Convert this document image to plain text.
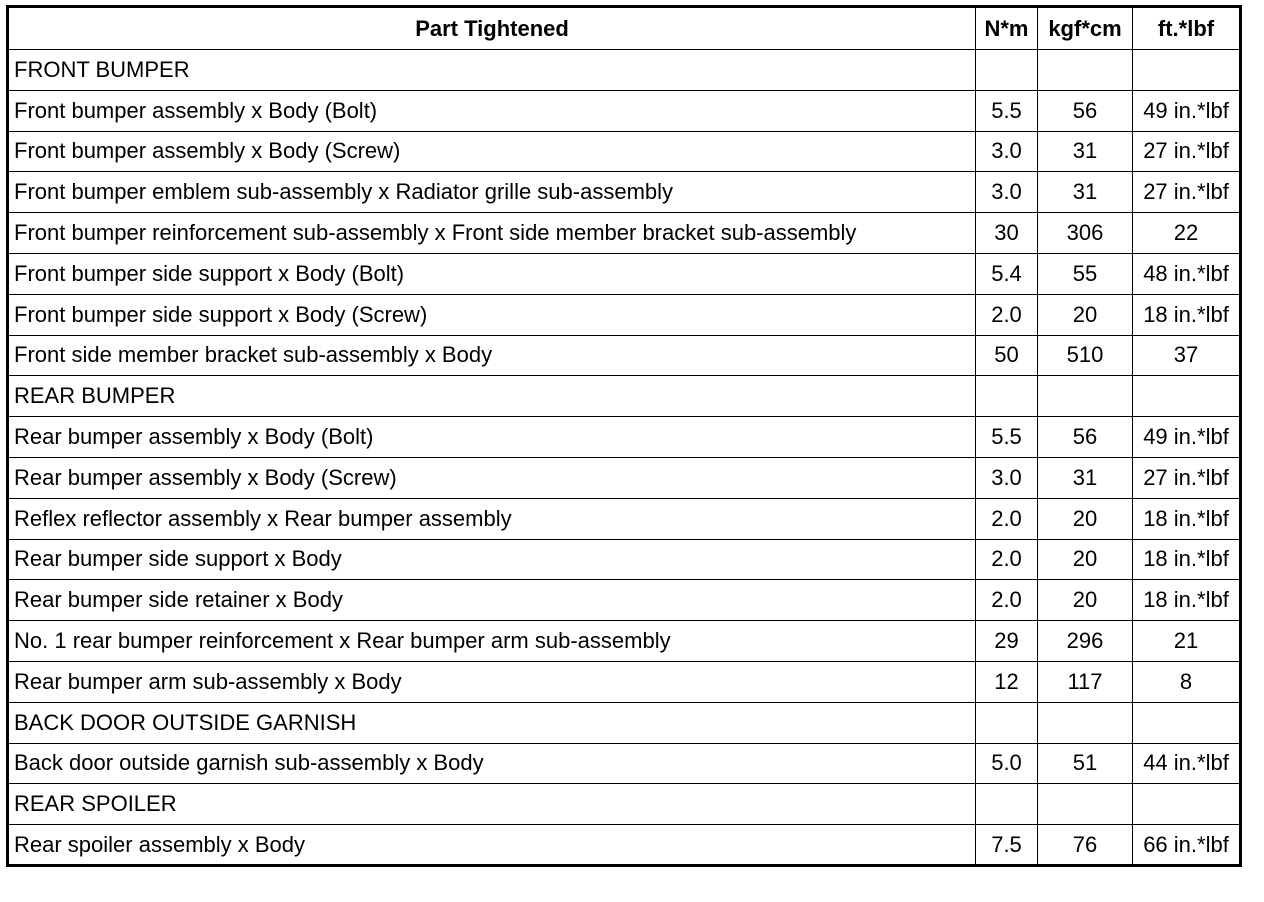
Part Tightened	N*m	kgf*cm	ft.*lbf
FRONT BUMPER			
Front bumper assembly x Body (Bolt)	5.5	56	49 in.*lbf
Front bumper assembly x Body (Screw)	3.0	31	27 in.*lbf
Front bumper emblem sub-assembly x Radiator grille sub-assembly	3.0	31	27 in.*lbf
Front bumper reinforcement sub-assembly x Front side member bracket sub-assembly	30	306	22
Front bumper side support x Body (Bolt)	5.4	55	48 in.*lbf
Front bumper side support x Body (Screw)	2.0	20	18 in.*lbf
Front side member bracket sub-assembly x Body	50	510	37
REAR BUMPER			
Rear bumper assembly x Body (Bolt)	5.5	56	49 in.*lbf
Rear bumper assembly x Body (Screw)	3.0	31	27 in.*lbf
Reflex reflector assembly x Rear bumper assembly	2.0	20	18 in.*lbf
Rear bumper side support x Body	2.0	20	18 in.*lbf
Rear bumper side retainer x Body	2.0	20	18 in.*lbf
No. 1 rear bumper reinforcement x Rear bumper arm sub-assembly	29	296	21
Rear bumper arm sub-assembly x Body	12	117	8
BACK DOOR OUTSIDE GARNISH			
Back door outside garnish sub-assembly x Body	5.0	51	44 in.*lbf
REAR SPOILER			
Rear spoiler assembly x Body	7.5	76	66 in.*lbf
